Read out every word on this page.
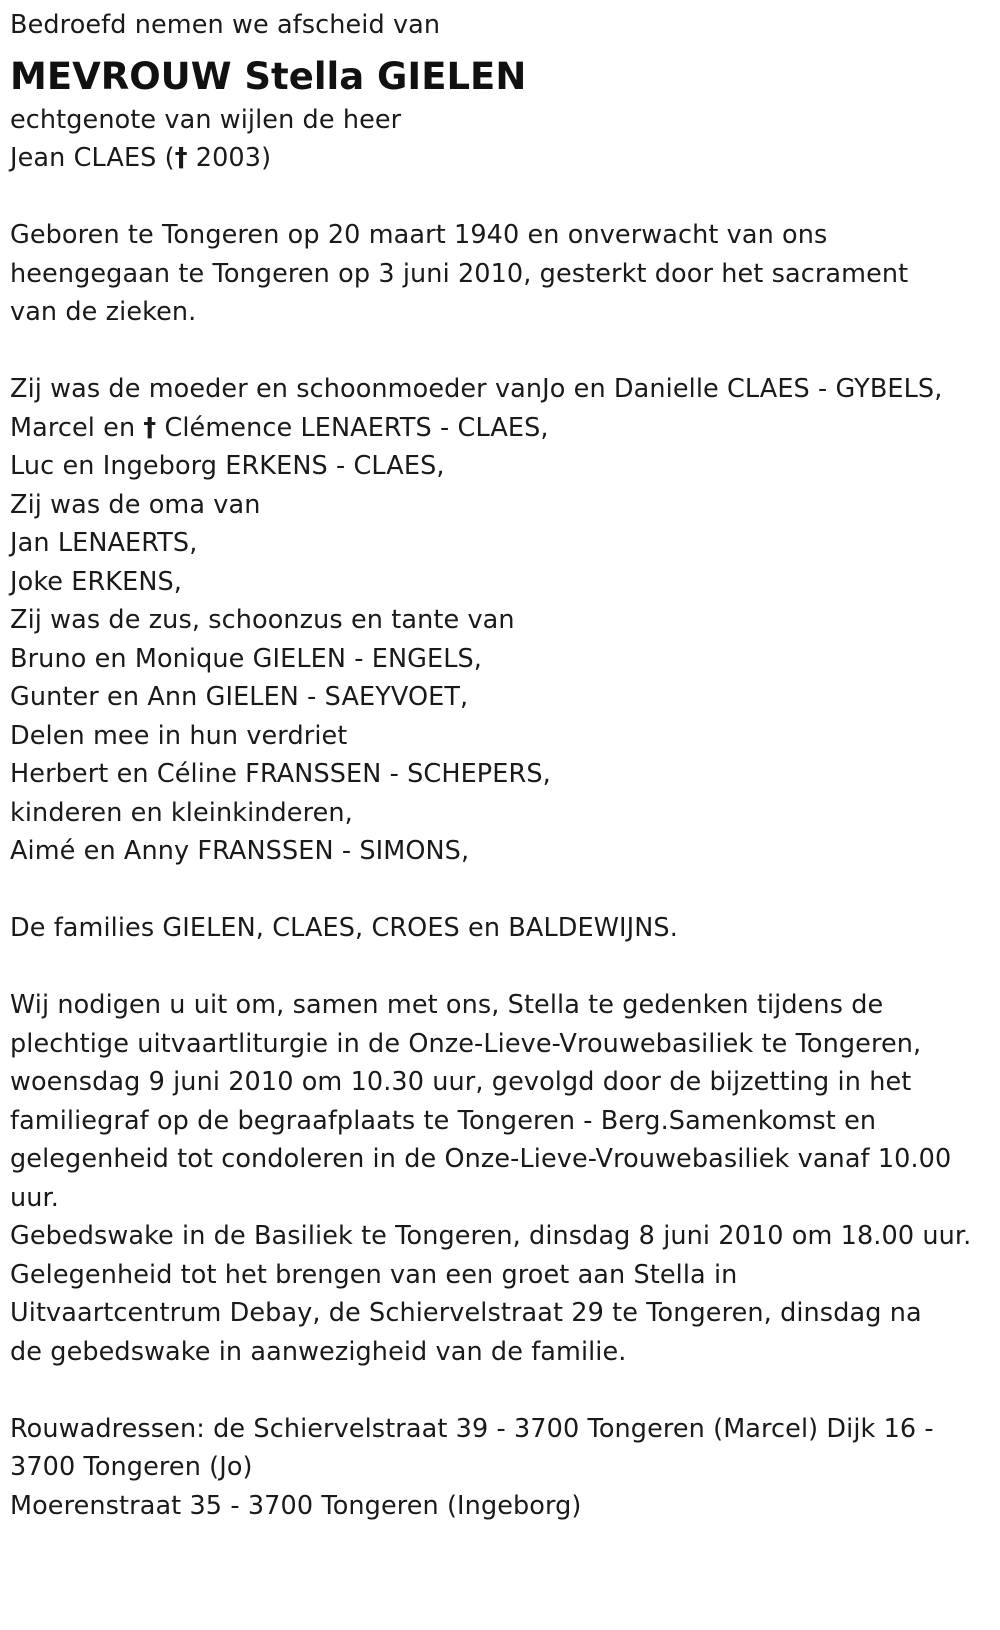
Bedroefd nemen we afscheid van
MEVROUW Stella GIELEN
echtgenote van wijlen de heer
Jean CLAES († 2003)
Geboren te Tongeren op 20 maart 1940 en onverwacht van ons
heengegaan te Tongeren op 3 juni 2010, gesterkt door het sacrament
van de zieken.
Zij was de moeder en schoonmoeder vanJo en Danielle CLAES - GYBELS,
Marcel en † Clémence LENAERTS - CLAES,
Luc en Ingeborg ERKENS - CLAES,
Zij was de oma van
Jan LENAERTS,
Joke ERKENS,
Zij was de zus, schoonzus en tante van
Bruno en Monique GIELEN - ENGELS,
Gunter en Ann GIELEN - SAEYVOET,
Delen mee in hun verdriet
Herbert en Céline FRANSSEN - SCHEPERS,
kinderen en kleinkinderen,
Aimé en Anny FRANSSEN - SIMONS,
De families GIELEN, CLAES, CROES en BALDEWIJNS.
Wij nodigen u uit om, samen met ons, Stella te gedenken tijdens de
plechtige uitvaartliturgie in de Onze-Lieve-Vrouwebasiliek te Tongeren,
woensdag 9 juni 2010 om 10.30 uur, gevolgd door de bijzetting in het
familiegraf op de begraafplaats te Tongeren - Berg.Samenkomst en
gelegenheid tot condoleren in de Onze-Lieve-Vrouwebasiliek vanaf 10.00
uur.
Gebedswake in de Basiliek te Tongeren, dinsdag 8 juni 2010 om 18.00 uur.
Gelegenheid tot het brengen van een groet aan Stella in
Uitvaartcentrum Debay, de Schiervelstraat 29 te Tongeren, dinsdag na
de gebedswake in aanwezigheid van de familie.
Rouwadressen: de Schiervelstraat 39 - 3700 Tongeren (Marcel) Dijk 16 -
3700 Tongeren (Jo)
Moerenstraat 35 - 3700 Tongeren (Ingeborg)
